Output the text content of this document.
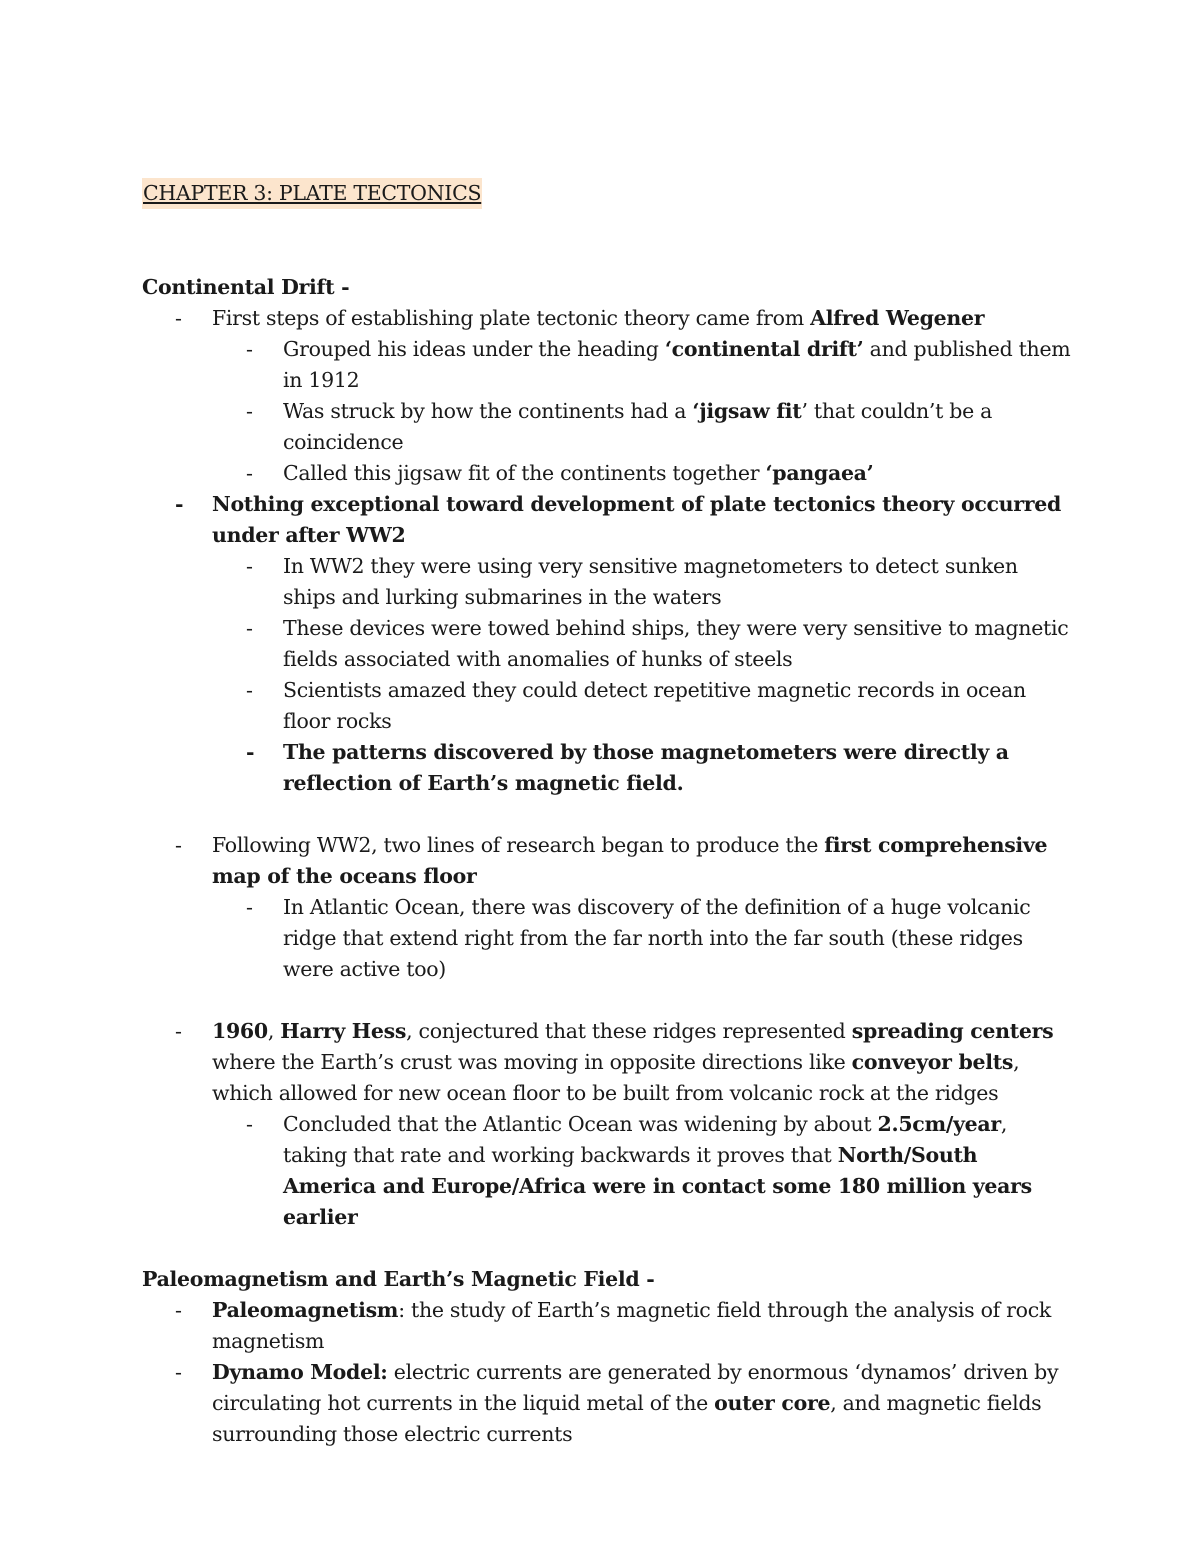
CHAPTER 3: PLATE TECTONICS
Continental Drift -
- First steps of establishing plate tectonic theory came from Alfred Wegener
- Grouped his ideas under the heading ‘continental drift’ and published them in 1912
- Was struck by how the continents had a ‘jigsaw fit’ that couldn’t be a coincidence
- Called this jigsaw fit of the continents together ‘pangaea’
- Nothing exceptional toward development of plate tectonics theory occurred under after WW2
- In WW2 they were using very sensitive magnetometers to detect sunken ships and lurking submarines in the waters
- These devices were towed behind ships, they were very sensitive to magnetic fields associated with anomalies of hunks of steels
- Scientists amazed they could detect repetitive magnetic records in ocean floor rocks
- The patterns discovered by those magnetometers were directly a reflection of Earth’s magnetic field.
- Following WW2, two lines of research began to produce the first comprehensive map of the oceans floor
- In Atlantic Ocean, there was discovery of the definition of a huge volcanic ridge that extend right from the far north into the far south (these ridges were active too)
- 1960, Harry Hess, conjectured that these ridges represented spreading centers where the Earth’s crust was moving in opposite directions like conveyor belts, which allowed for new ocean floor to be built from volcanic rock at the ridges
- Concluded that the Atlantic Ocean was widening by about 2.5cm/year, taking that rate and working backwards it proves that North/South America and Europe/Africa were in contact some 180 million years earlier
Paleomagnetism and Earth’s Magnetic Field -
- Paleomagnetism: the study of Earth’s magnetic field through the analysis of rock magnetism
- Dynamo Model: electric currents are generated by enormous ‘dynamos’ driven by circulating hot currents in the liquid metal of the outer core, and magnetic fields surrounding those electric currents
